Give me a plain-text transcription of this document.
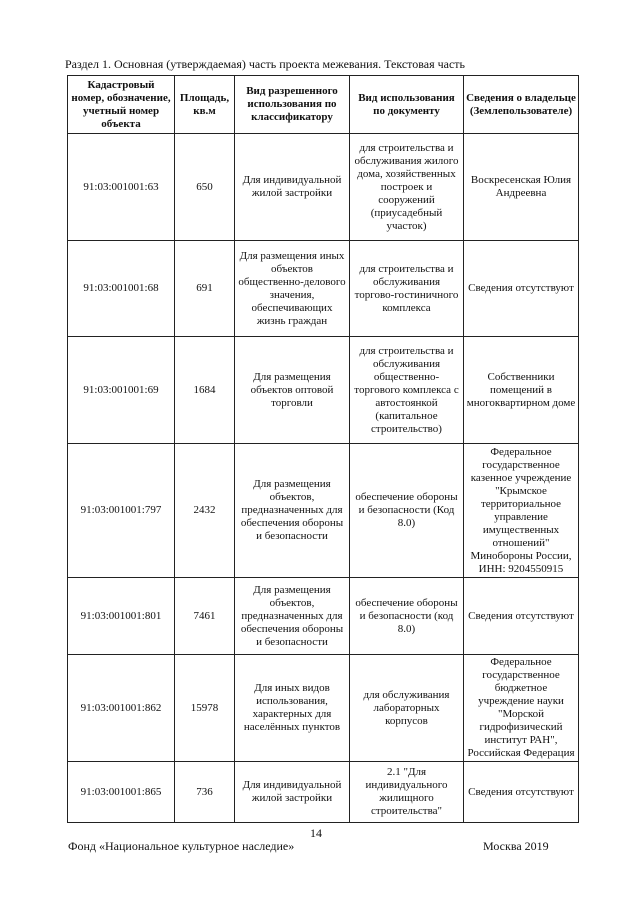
Раздел 1. Основная (утверждаемая) часть проекта межевания. Текстовая часть
Кадастровый номер, обозначение, учетный номер объекта	Площадь, кв.м	Вид разрешенного использования по классификатору	Вид использования по документу	Сведения о владельце (Землепользователе)
91:03:001001:63	650	Для индивидуальной жилой застройки	для строительства и обслуживания жилого дома, хозяйственных построек и сооружений (приусадебный участок)	Воскресенская Юлия Андреевна
91:03:001001:68	691	Для размещения иных объектов общественно-делового значения, обеспечивающих жизнь граждан	для строительства и обслуживания торгово-гостиничного комплекса	Сведения отсутствуют
91:03:001001:69	1684	Для размещения объектов оптовой торговли	для строительства и обслуживания общественно-торгового комплекса с автостоянкой (капитальное строительство)	Собственники помещений в многоквартирном доме
91:03:001001:797	2432	Для размещения объектов, предназначенных для обеспечения обороны и безопасности	обеспечение обороны и безопасности (Код 8.0)	Федеральное государственное казенное учреждение "Крымское территориальное управление имущественных отношений" Минобороны России, ИНН: 9204550915
91:03:001001:801	7461	Для размещения объектов, предназначенных для обеспечения обороны и безопасности	обеспечение обороны и безопасности (код 8.0)	Сведения отсутствуют
91:03:001001:862	15978	Для иных видов использования, характерных для населённых пунктов	для обслуживания лабораторных корпусов	Федеральное государственное бюджетное учреждение науки "Морской гидрофизический институт РАН", Российская Федерация
91:03:001001:865	736	Для индивидуальной жилой застройки	2.1 "Для индивидуального жилищного строительства"	Сведения отсутствуют
14
Фонд «Национальное культурное наследие»	Москва 2019
